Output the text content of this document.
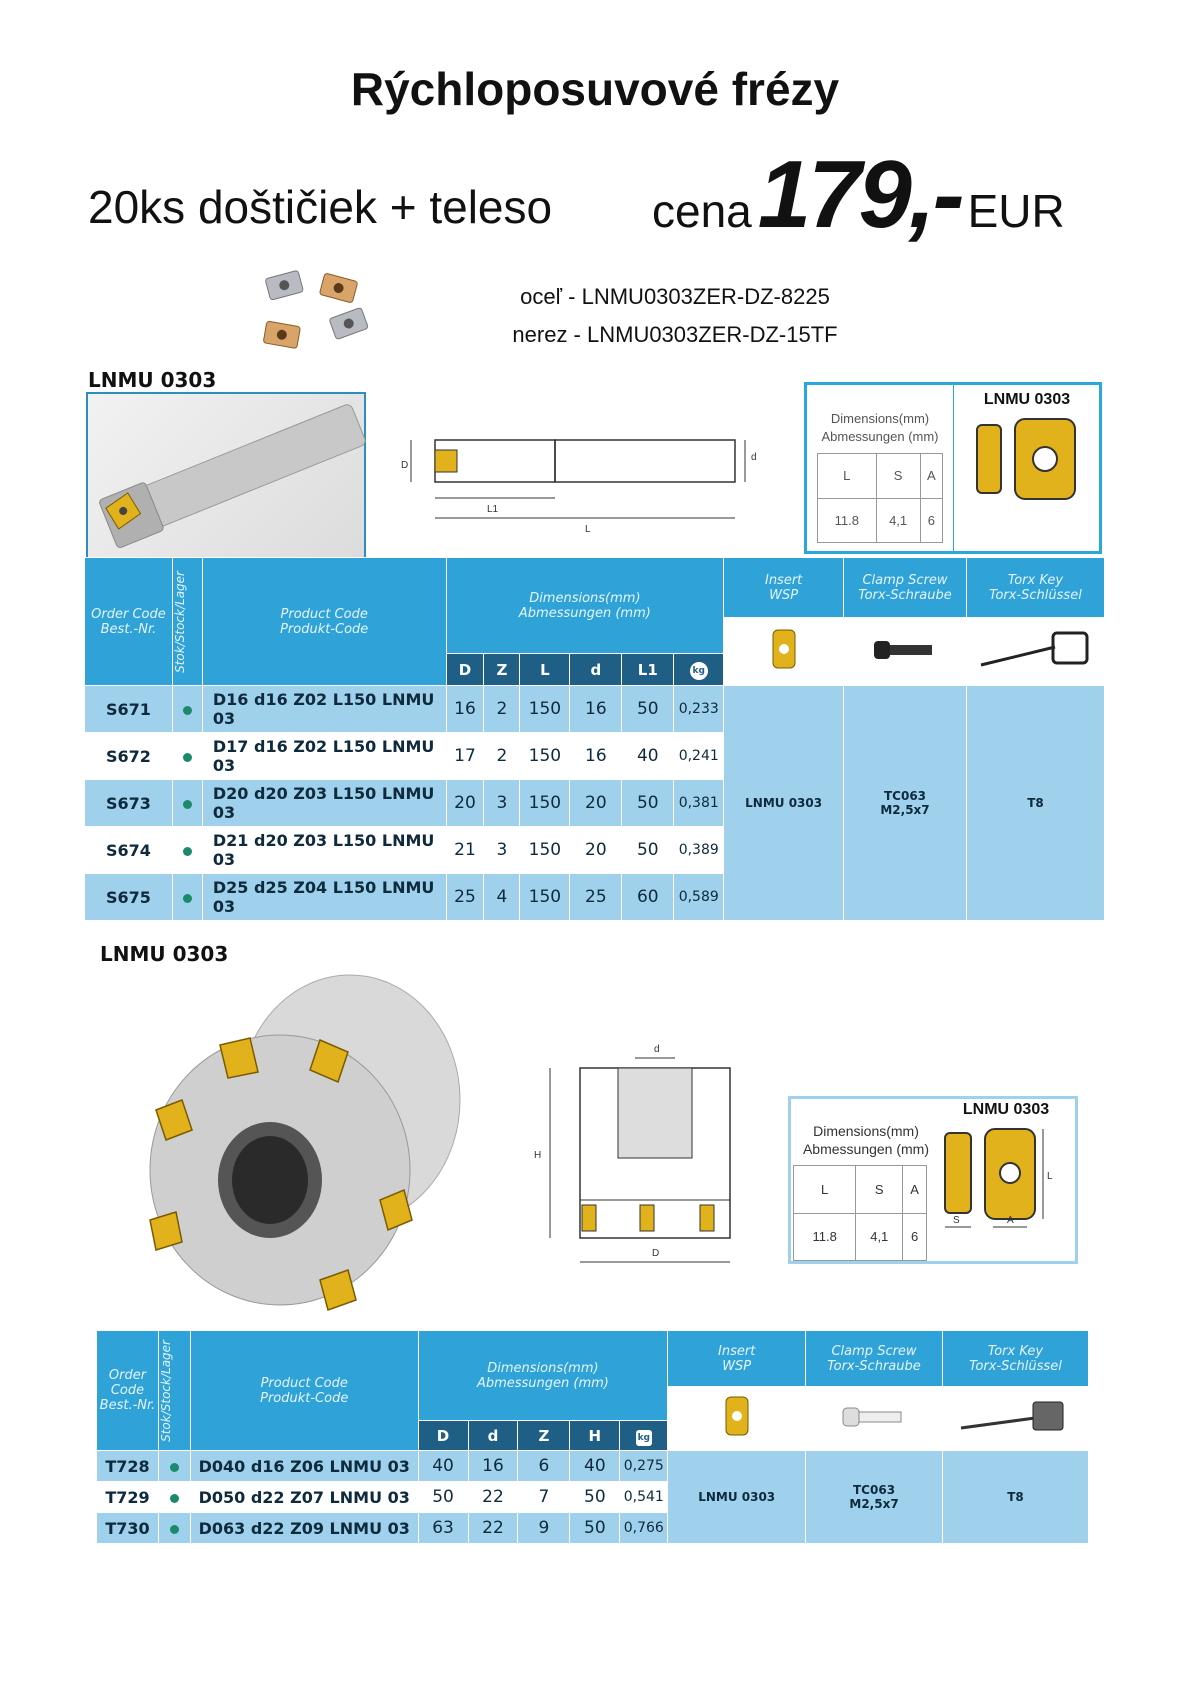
Rýchloposuvové frézy
20ks doštičiek + teleso cena179,- EUR
oceľ - LNMU0303ZER-DZ-8225
nerez - LNMU0303ZER-DZ-15TF
LNMU 0303
D
d
L1
L
Dimensions(mm)
Abmessungen (mm)
L	S	A
11.8	4,1	6
LNMU 0303
Order Code
Best.-Nr.	Stok/Stock/Lager	Product Code
Produkt-Code	Dimensions(mm)
Abmessungen (mm)						Insert
WSP	Clamp Screw
Torx-Schraube	Torx Key
Torx-Schlüssel

			D	Z	L	d	L1	kg			
S671		D16 d16 Z02 L150 LNMU 03	16	2	150	16	50	0,233	LNMU 0303	TC063
M2,5x7	T8
S672		D17 d16 Z02 L150 LNMU 03	17	2	150	16	40	0,241			
S673		D20 d20 Z03 L150 LNMU 03	20	3	150	20	50	0,381			
S674		D21 d20 Z03 L150 LNMU 03	21	3	150	20	50	0,389			
S675		D25 d25 Z04 L150 LNMU 03	25	4	150	25	60	0,589			
LNMU 0303
d
H
D
Dimensions(mm)
Abmessungen (mm)
L	S	A
11.8	4,1	6
LNMU 0303
L
S	A
Order
Code
Best.-Nr.	Stok/Stock/Lager	Product Code
Produkt-Code	Dimensions(mm)
Abmessungen (mm)					Insert
WSP	Clamp Screw
Torx-Schraube	Torx Key
Torx-Schlüssel

			D	d	Z	H	kg			
T728		D040 d16 Z06 LNMU 03	40	16	6	40	0,275	LNMU 0303	TC063
M2,5x7	T8
T729		D050 d22 Z07 LNMU 03	50	22	7	50	0,541			
T730		D063 d22 Z09 LNMU 03	63	22	9	50	0,766			
